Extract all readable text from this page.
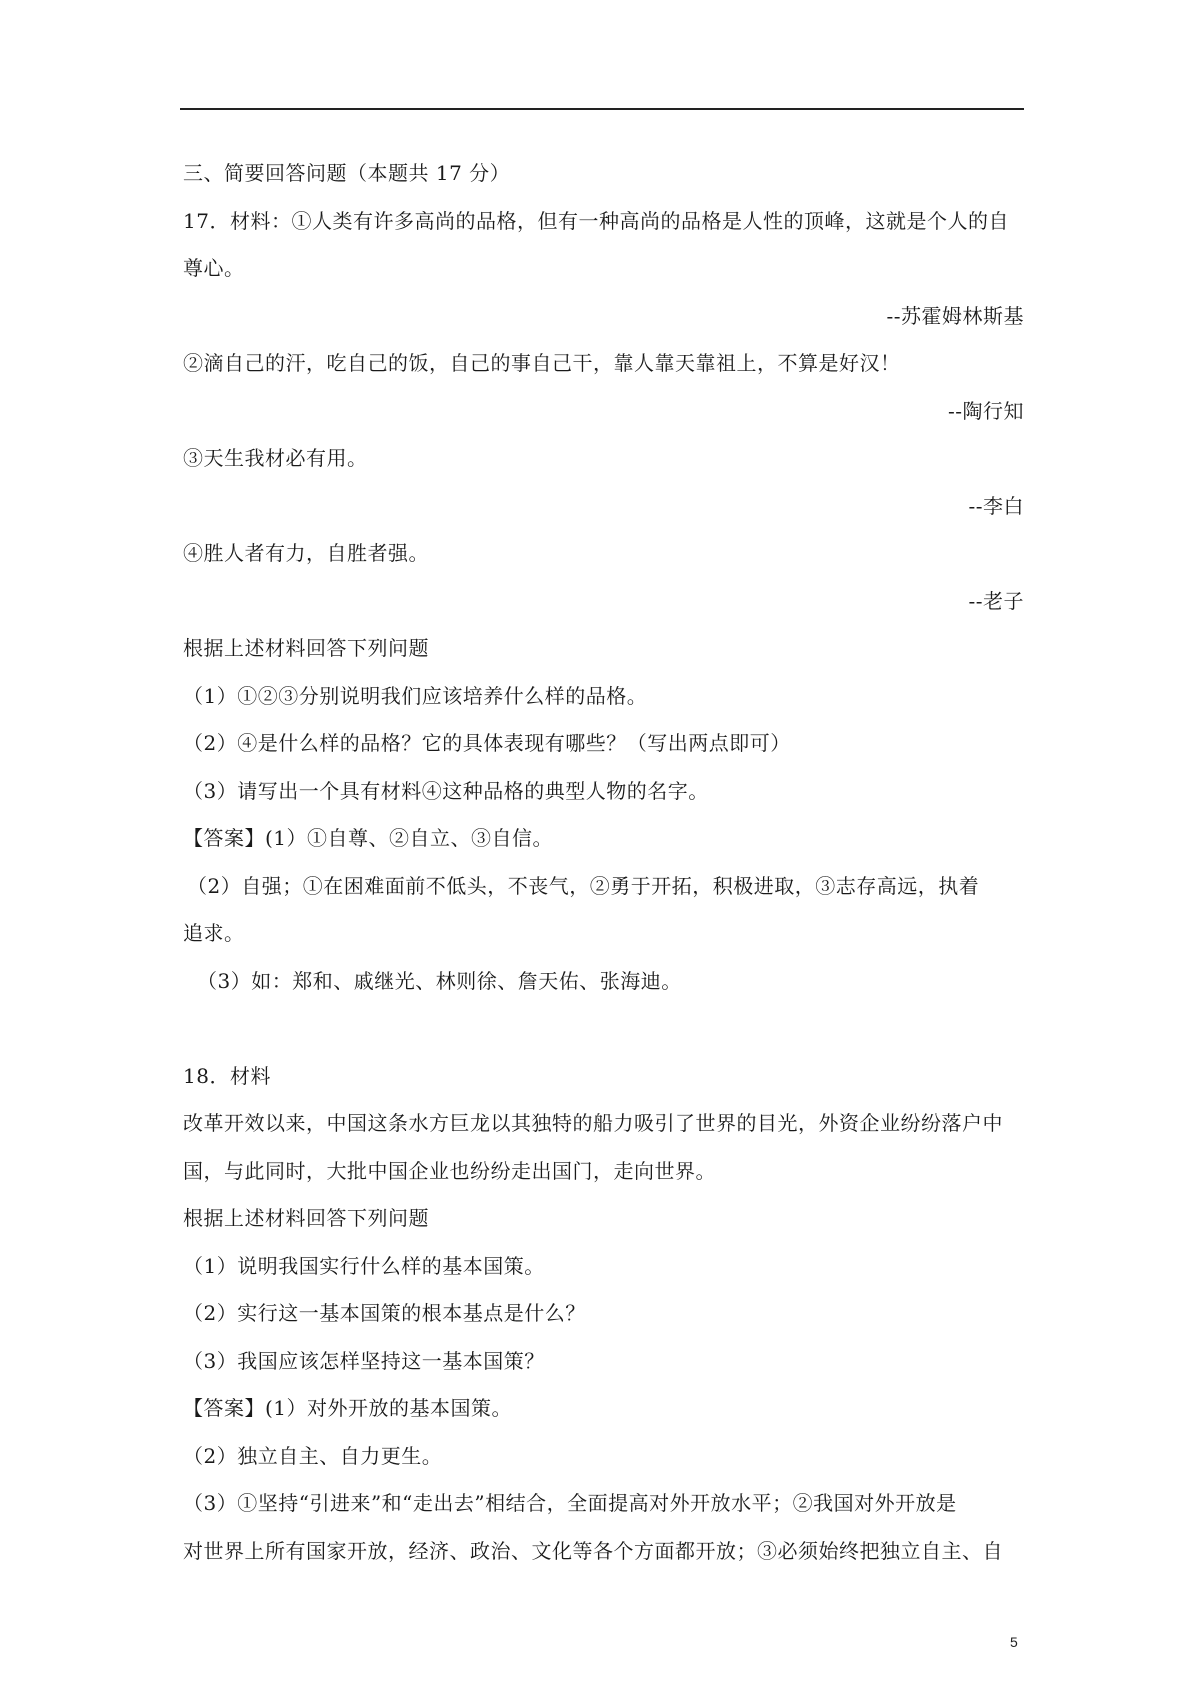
三、简要回答问题（本题共 17 分）
17．材料：①人类有许多高尚的品格，但有一种高尚的品格是人性的顶峰，这就是个人的自
尊心。
--苏霍姆林斯基
②滴自己的汗，吃自己的饭，自己的事自己干，靠人靠天靠祖上，不算是好汉！
--陶行知
③天生我材必有用。
--李白
④胜人者有力，自胜者强。
--老子
根据上述材料回答下列问题
（1）①②③分别说明我们应该培养什么样的品格。
（2）④是什么样的品格？它的具体表现有哪些？（写出两点即可）
（3）请写出一个具有材料④这种品格的典型人物的名字。
【答案】(1）①自尊、②自立、③自信。
（2）自强；①在困难面前不低头，不丧气，②勇于开拓，积极进取，③志存高远，执着
追求。
（3）如：郑和、戚继光、林则徐、詹天佑、张海迪。
18．材料
改革开效以来，中国这条水方巨龙以其独特的船力吸引了世界的目光，外资企业纷纷落户中
国，与此同时，大批中国企业也纷纷走出国门，走向世界。
根据上述材料回答下列问题
（1）说明我国实行什么样的基本国策。
（2）实行这一基本国策的根本基点是什么？
（3）我国应该怎样坚持这一基本国策？
【答案】(1）对外开放的基本国策。
（2）独立自主、自力更生。
（3）①坚持“引进来”和“走出去”相结合，全面提高对外开放水平；②我国对外开放是
对世界上所有国家开放，经济、政治、文化等各个方面都开放；③必须始终把独立自主、自
5
